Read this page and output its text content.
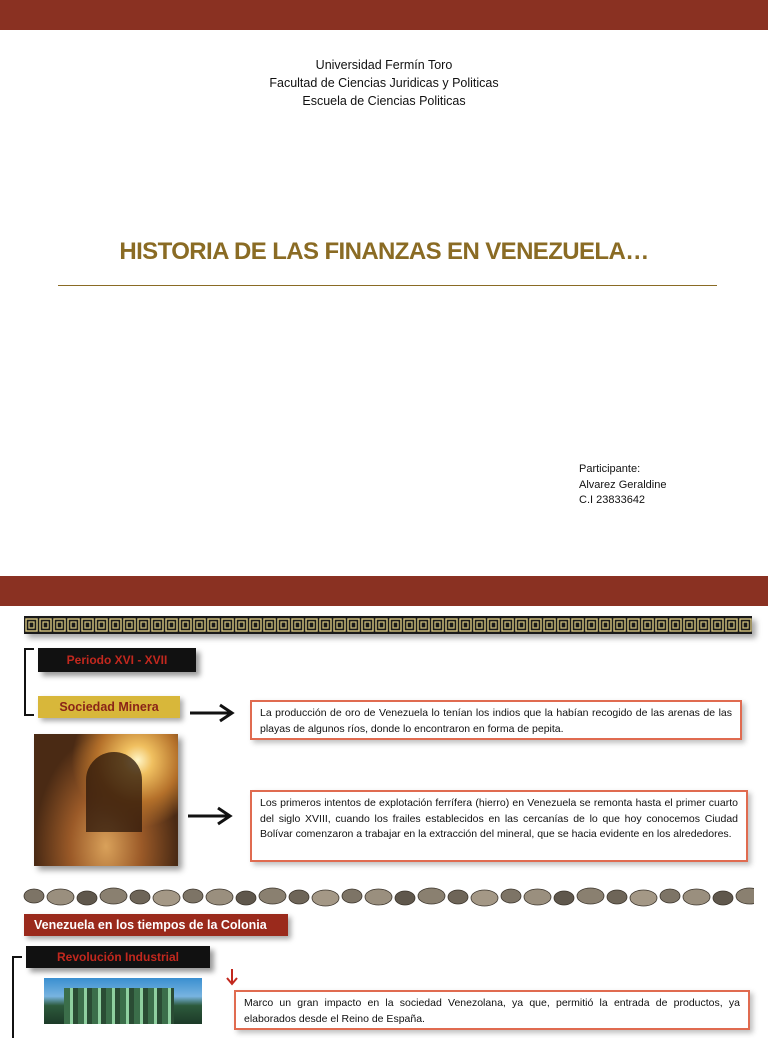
Universidad Fermín Toro
Facultad de Ciencias Juridicas y Politicas
Escuela de Ciencias Politicas
HISTORIA DE LAS FINANZAS EN VENEZUELA…
Participante:
Alvarez Geraldine
C.I 23833642
Periodo XVI - XVII
Sociedad Minera	La producción de oro de Venezuela lo tenían los indios que la habían recogido de las arenas de las playas de algunos ríos, donde lo encontraron en forma de pepita.
Los primeros intentos de explotación ferrífera (hierro) en Venezuela se remonta hasta el primer cuarto del siglo XVIII, cuando los frailes establecidos en las cercanías de lo que hoy conocemos Ciudad Bolívar comenzaron a trabajar en la extracción del mineral, que se hacia evidente en los alrededores.
Venezuela en los tiempos de la Colonia
Revolución Industrial
Marco un gran impacto en la sociedad Venezolana, ya que, permitió la entrada de productos, ya elaborados desde el Reino de España.
